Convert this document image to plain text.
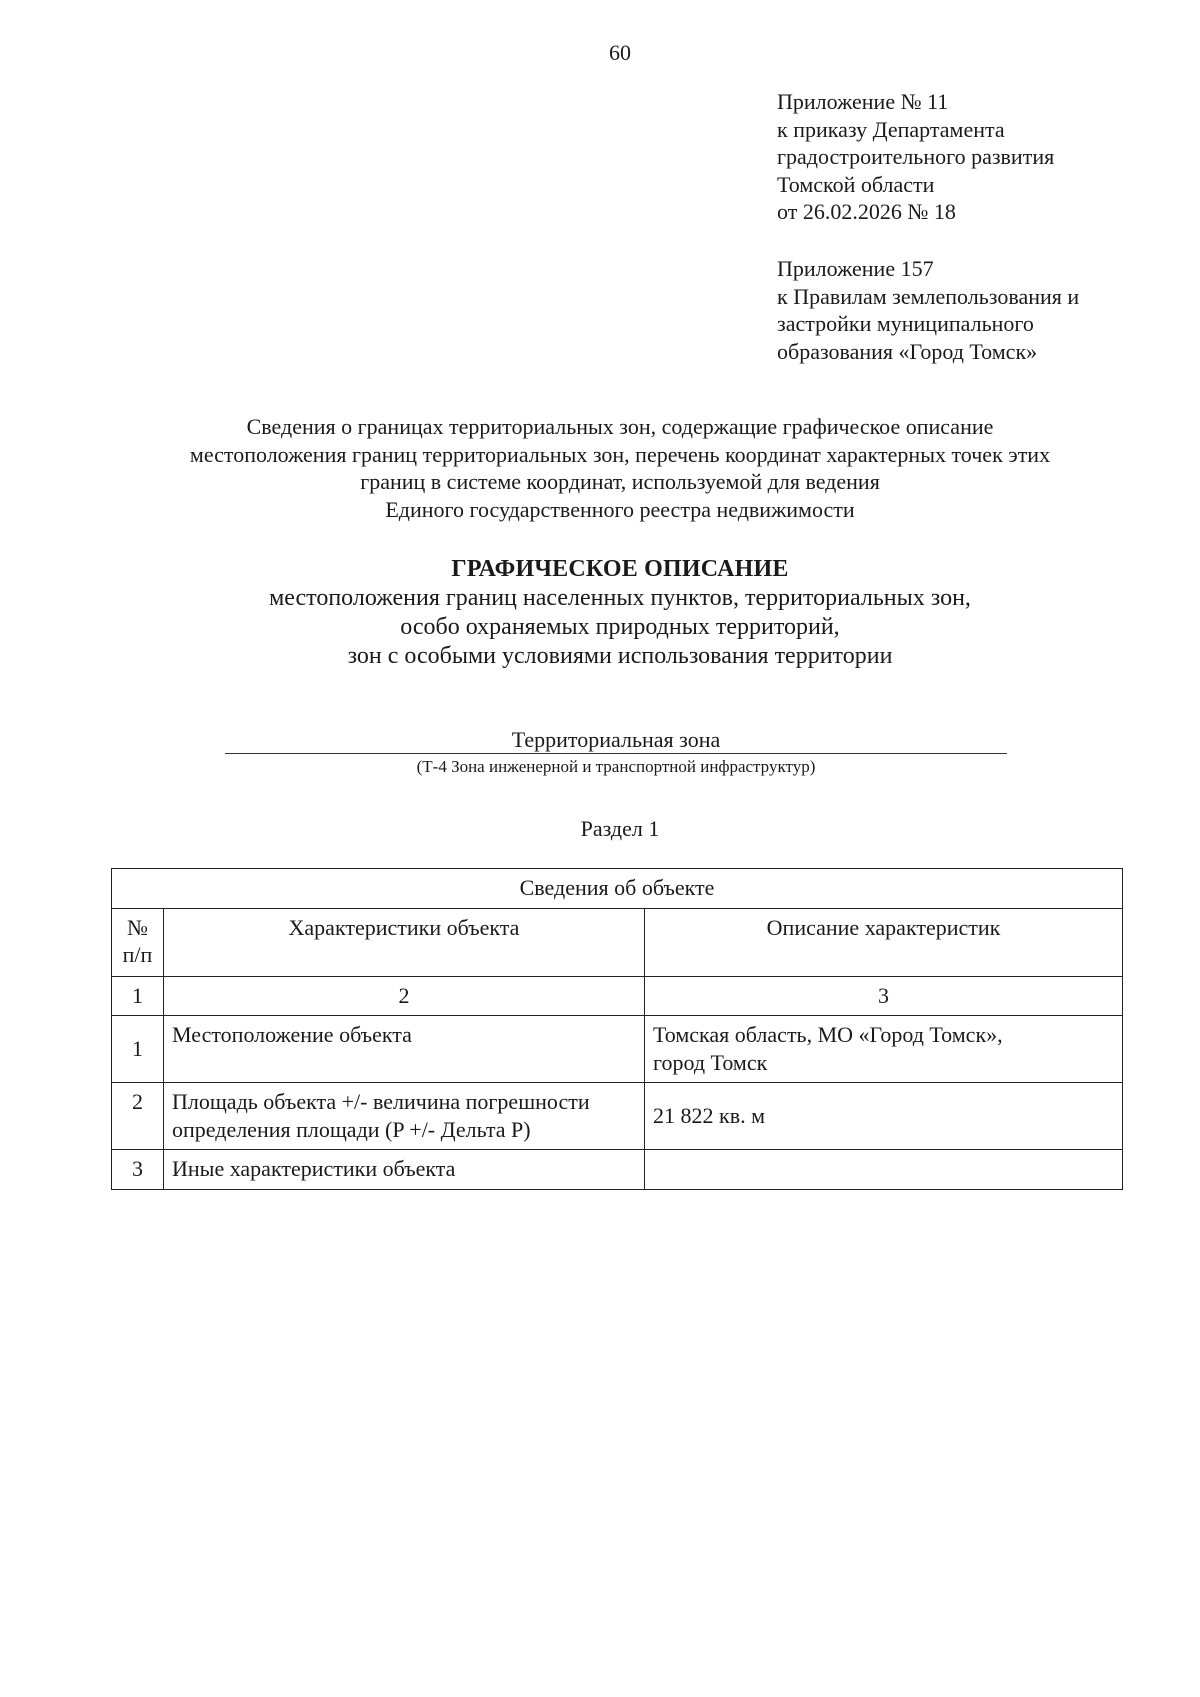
60
Приложение № 11
к приказу Департамента
градостроительного развития
Томской области
от 26.02.2026 № 18
Приложение 157
к Правилам землепользования и
застройки муниципального
образования «Город Томск»
Сведения о границах территориальных зон, содержащие графическое описание
местоположения границ территориальных зон, перечень координат характерных точек этих
границ в системе координат, используемой для ведения
Единого государственного реестра недвижимости
ГРАФИЧЕСКОЕ ОПИСАНИЕ
местоположения границ населенных пунктов, территориальных зон,
особо охраняемых природных территорий,
зон с особыми условиями использования территории
Территориальная зона
(Т-4 Зона инженерной и транспортной инфраструктур)
Раздел 1
Сведения об объекте		

№
п/п	Характеристики объекта	Описание характеристик
1	2	3
1	Местоположение объекта	Томская область, МО «Город Томск»,
город Томск

2	Площадь объекта +/- величина погрешности
определения площади (P +/- Дельта P)	21 822 кв. м
3	Иные характеристики объекта	
